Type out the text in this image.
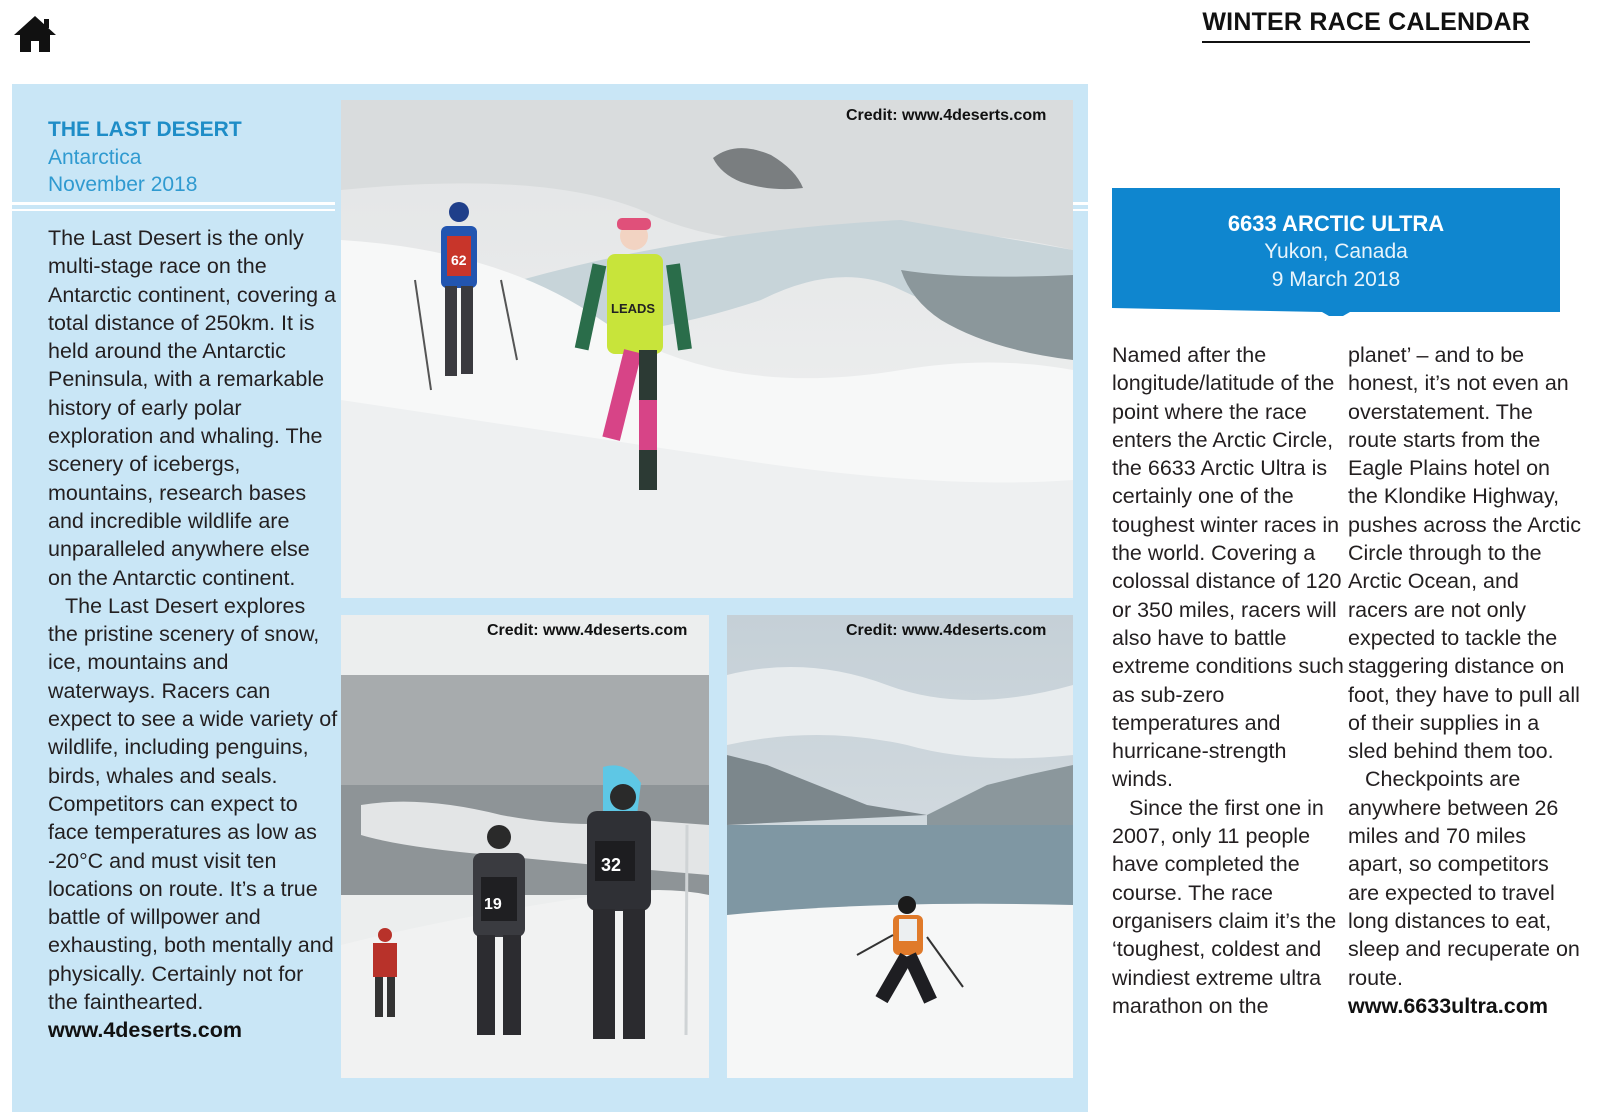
WINTER RACE CALENDAR
THE LAST DESERT
Antarctica
November 2018

The Last Desert is the only multi-stage race on the Antarctic continent, covering a total distance of 250km. It is held around the Antarctic Peninsula, with a remarkable history of early polar exploration and whaling. The scenery of icebergs, mountains, research bases and incredible wildlife are unparalleled anywhere else on the Antarctic continent.

The Last Desert explores the pristine scenery of snow, ice, mountains and waterways. Racers can expect to see a wide variety of wildlife, including penguins, birds, whales and seals. Competitors can expect to face temperatures as low as -20°C and must visit ten locations on route. It’s a true battle of willpower and exhausting, both mentally and physically. Certainly not for the fainthearted.

www.4deserts.com
62
LEADS
Credit: www.4deserts.com
19
32
Credit: www.4deserts.com	Credit: www.4deserts.com
6633 ARCTIC ULTRA
Yukon, Canada
9 March 2018

Named after the longitude/latitude of the point where the race enters the Arctic Circle, the 6633 Arctic Ultra is certainly one of the toughest winter races in the world. Covering a colossal distance of 120 or 350 miles, racers will also have to battle extreme conditions such as sub-zero temperatures and hurricane-strength winds.

Since the first one in 2007, only 11 people have completed the course. The race organisers claim it’s the ‘toughest, coldest and windiest extreme ultra marathon on the

planet’ – and to be honest, it’s not even an overstatement. The route starts from the Eagle Plains hotel on the Klondike Highway, pushes across the Arctic Circle through to the Arctic Ocean, and racers are not only expected to tackle the staggering distance on foot, they have to pull all of their supplies in a sled behind them too.

Checkpoints are anywhere between 26 miles and 70 miles apart, so competitors are expected to travel long distances to eat, sleep and recuperate on route.

www.6633ultra.com
